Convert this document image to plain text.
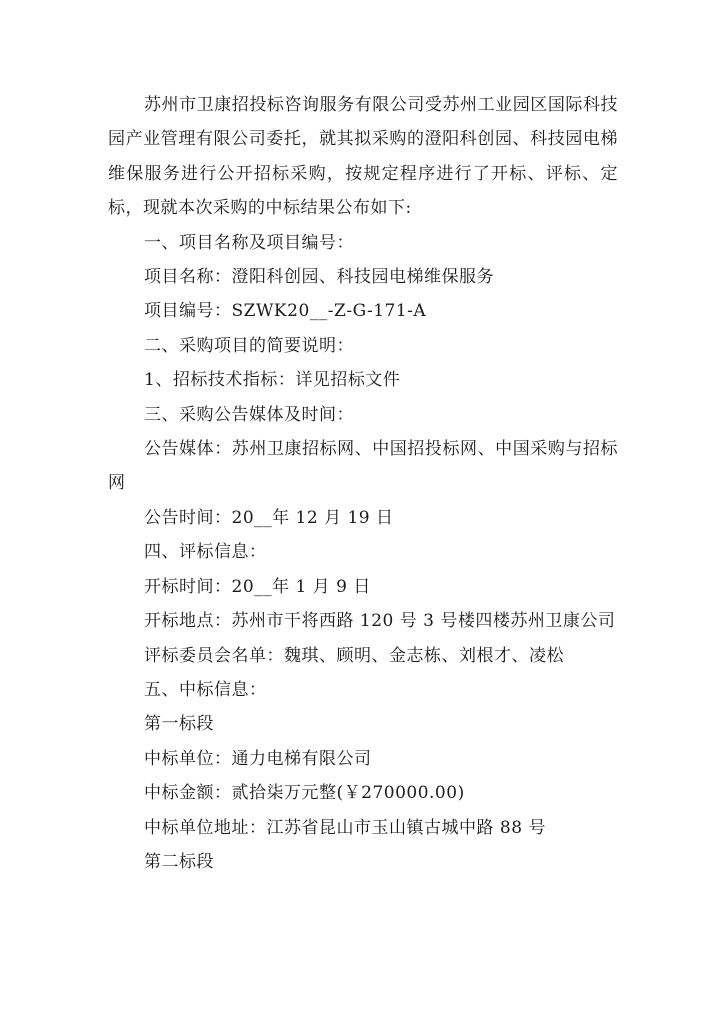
苏州市卫康招投标咨询服务有限公司受苏州工业园区国际科技园产业管理有限公司委托，就其拟采购的澄阳科创园、科技园电梯维保服务进行公开招标采购，按规定程序进行了开标、评标、定标，现就本次采购的中标结果公布如下:

一、项目名称及项目编号：

项目名称：澄阳科创园、科技园电梯维保服务

项目编号：SZWK20__-Z-G-171-A

二、采购项目的简要说明：

1、招标技术指标：详见招标文件

三、采购公告媒体及时间：

公告媒体：苏州卫康招标网、中国招投标网、中国采购与招标网

公告时间：20__年 12 月 19 日

四、评标信息：

开标时间：20__年 1 月 9 日

开标地点：苏州市干将西路 120 号 3 号楼四楼苏州卫康公司

评标委员会名单：魏琪、顾明、金志栋、刘根才、凌松

五、中标信息：

第一标段

中标单位：通力电梯有限公司

中标金额：贰拾柒万元整(￥270000.00)

中标单位地址：江苏省昆山市玉山镇古城中路 88 号

第二标段
